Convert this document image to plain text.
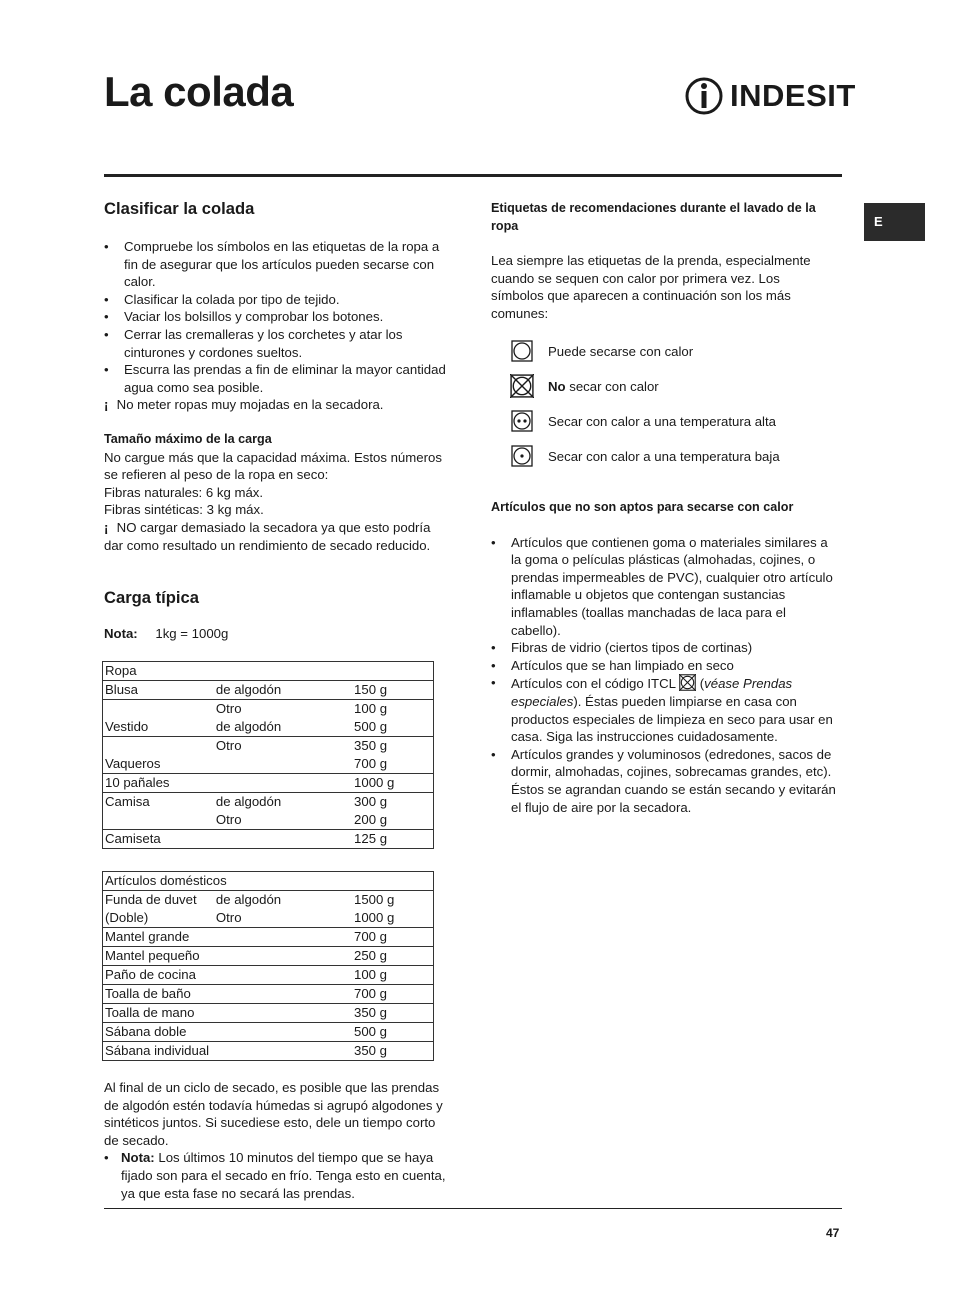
La colada	INDESIT
E
Clasificar la colada
• Compruebe los símbolos en las etiquetas de la ropa a fin de asegurar que los artículos pueden secarse con calor.
• Clasificar la colada por tipo de tejido.
• Vaciar los bolsillos y comprobar los botones.
• Cerrar las cremalleras y los corchetes y atar los cinturones y cordones sueltos.
• Escurra las prendas a fin de eliminar la mayor cantidad agua como sea posible.

¡ No meter ropas muy mojadas en la secadora.

Tamaño máximo de la carga

No cargue más que la capacidad máxima. Estos números se refieren al peso de la ropa en seco:

Fibras naturales: 6 kg máx.

Fibras sintéticas: 3 kg máx.

¡ NO cargar demasiado la secadora ya que esto podría dar como resultado un rendimiento de secado reducido.

Carga típica
Nota: 1kg = 1000g
Ropa		
Blusa	de algodón	150 g
	Otro	100 g
Vestido	de algodón	500 g
	Otro	350 g
Vaqueros		700 g
10 pañales		1000 g
Camisa	de algodón	300 g
	Otro	200 g
Camiseta		125 g
Artículos domésticos		
Funda de duvet	de algodón	1500 g
(Doble)	Otro	1000 g
Mantel grande		700 g
Mantel pequeño		250 g
Paño de cocina		100 g
Toalla de baño		700 g
Toalla de mano		350 g
Sábana doble		500 g
Sábana individual		350 g

Al final de un ciclo de secado, es posible que las prendas de algodón estén todavía húmedas si agrupó algodones y sintéticos juntos. Si sucediese esto, dele un tiempo corto de secado.

• Nota: Los últimos 10 minutos del tiempo que se haya fijado son para el secado en frío. Tenga esto en cuenta, ya que esta fase no secará las prendas.
Etiquetas de recomendaciones durante el lavado de la ropa

Lea siempre las etiquetas de la prenda, especialmente cuando se sequen con calor por primera vez. Los símbolos que aparecen a continuación son los más comunes:

Puede secarse con calor
No secar con calor
Secar con calor a una temperatura alta
Secar con calor a una temperatura baja
Artículos que no son aptos para secarse con calor
• Artículos que contienen goma o materiales similares a la goma o películas plásticas (almohadas, cojines, o prendas impermeables de PVC), cualquier otro artículo inflamable u objetos que contengan sustancias inflamables (toallas manchadas de laca para el cabello).
• Fibras de vidrio (ciertos tipos de cortinas)
• Artículos que se han limpiado en seco
• Artículos con el código ITCL  (véase Prendas especiales). Éstas pueden limpiarse en casa con productos especiales de limpieza en seco para usar en casa. Siga las instrucciones cuidadosamente.
• Artículos grandes y voluminosos (edredones, sacos de dormir, almohadas, cojines, sobrecamas grandes, etc). Éstos se agrandan cuando se están secando y evitarán el flujo de aire por la secadora.
47
